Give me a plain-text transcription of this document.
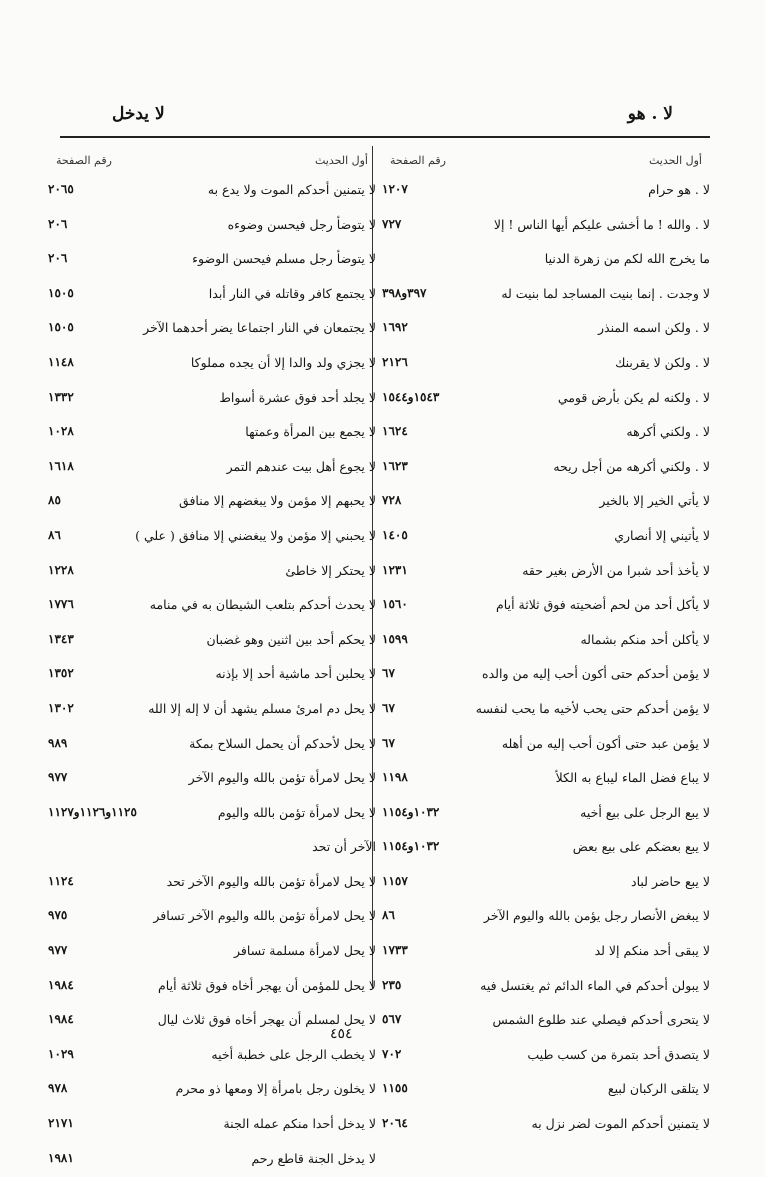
لا . هو
لا يدخل
أول الحديث
رقم الصفحة
لا . هو حرام
١٢٠٧
لا . والله ! ما أخشى عليكم أيها الناس ! إلا
٧٢٧
ما يخرج الله لكم من زهرة الدنيا
لا وجدت . إنما بنيت المساجد لما بنيت له
٣٩٧و٣٩٨
لا . ولكن اسمه المنذر
١٦٩٢
لا . ولكن لا يقربنك
٢١٢٦
لا . ولكنه لم يكن بأرض قومي
١٥٤٣و١٥٤٤
لا . ولكني أكرهه
١٦٢٤
لا . ولكني أكرهه من أجل ريحه
١٦٢٣
لا يأتي الخير إلا بالخير
٧٢٨
لا يأتيني إلا أنصاري
١٤٠٥
لا يأخذ أحد شبرا من الأرض بغير حقه
١٢٣١
لا يأكل أحد من لحم أضحيته فوق ثلاثة أيام
١٥٦٠
لا يأكلن أحد منكم بشماله
١٥٩٩
لا يؤمن أحدكم حتى أكون أحب إليه من والده
٦٧
لا يؤمن أحدكم حتى يحب لأخيه ما يحب لنفسه
٦٧
لا يؤمن عبد حتى أكون أحب إليه من أهله
٦٧
لا يباع فضل الماء ليباع به الكلأ
١١٩٨
لا يبع الرجل على بيع أخيه
١٠٣٢و١١٥٤
لا يبع بعضكم على بيع بعض
١٠٣٢و١١٥٤
لا يبع حاضر لباد
١١٥٧
لا يبغض الأنصار رجل يؤمن بالله واليوم الآخر
٨٦
لا يبقى أحد منكم إلا لد
١٧٣٣
لا يبولن أحدكم في الماء الدائم ثم يغتسل فيه
٢٣٥
لا يتحرى أحدكم فيصلي عند طلوع الشمس
٥٦٧
لا يتصدق أحد بتمرة من كسب طيب
٧٠٢
لا يتلقى الركبان لبيع
١١٥٥
لا يتمنين أحدكم الموت لضر نزل به
٢٠٦٤
أول الحديث
رقم الصفحة
لا يتمنين أحدكم الموت ولا يدع به
٢٠٦٥
لا يتوضأ رجل فيحسن وضوءه
٢٠٦
لا يتوضأ رجل مسلم فيحسن الوضوء
٢٠٦
لا يجتمع كافر وقاتله في النار أبدا
١٥٠٥
لا يجتمعان في النار اجتماعا يضر أحدهما الآخر
١٥٠٥
لا يجزي ولد والدا إلا أن يجده مملوكا
١١٤٨
لا يجلد أحد فوق عشرة أسواط
١٣٣٢
لا يجمع بين المرأة وعمتها
١٠٢٨
لا يجوع أهل بيت عندهم التمر
١٦١٨
لا يحبهم إلا مؤمن ولا يبغضهم إلا منافق
٨٥
لا يحبني إلا مؤمن ولا يبغضني إلا منافق ( علي )
٨٦
لا يحتكر إلا خاطئ
١٢٢٨
لا يحدث أحدكم بتلعب الشيطان به في منامه
١٧٧٦
لا يحكم أحد بين اثنين وهو غضبان
١٣٤٣
لا يحلبن أحد ماشية أحد إلا بإذنه
١٣٥٢
لا يحل دم امرئ مسلم يشهد أن لا إله إلا الله
١٣٠٢
لا يحل لأحدكم أن يحمل السلاح بمكة
٩٨٩
لا يحل لامرأة تؤمن بالله واليوم الآخر
٩٧٧
لا يحل لامرأة تؤمن بالله واليوم
١١٢٥و١١٢٦و١١٢٧
الآخر أن تحد
لا يحل لامرأة تؤمن بالله واليوم الآخر تحد
١١٢٤
لا يحل لامرأة تؤمن بالله واليوم الآخر تسافر
٩٧٥
لا يحل لامرأة مسلمة تسافر
٩٧٧
لا يحل للمؤمن أن يهجر أخاه فوق ثلاثة أيام
١٩٨٤
لا يحل لمسلم أن يهجر أخاه فوق ثلاث ليال
١٩٨٤
لا يخطب الرجل على خطبة أخيه
١٠٢٩
لا يخلون رجل بامرأة إلا ومعها ذو محرم
٩٧٨
لا يدخل أحدا منكم عمله الجنة
٢١٧١
لا يدخل الجنة قاطع رحم
١٩٨١
٤٥٤
